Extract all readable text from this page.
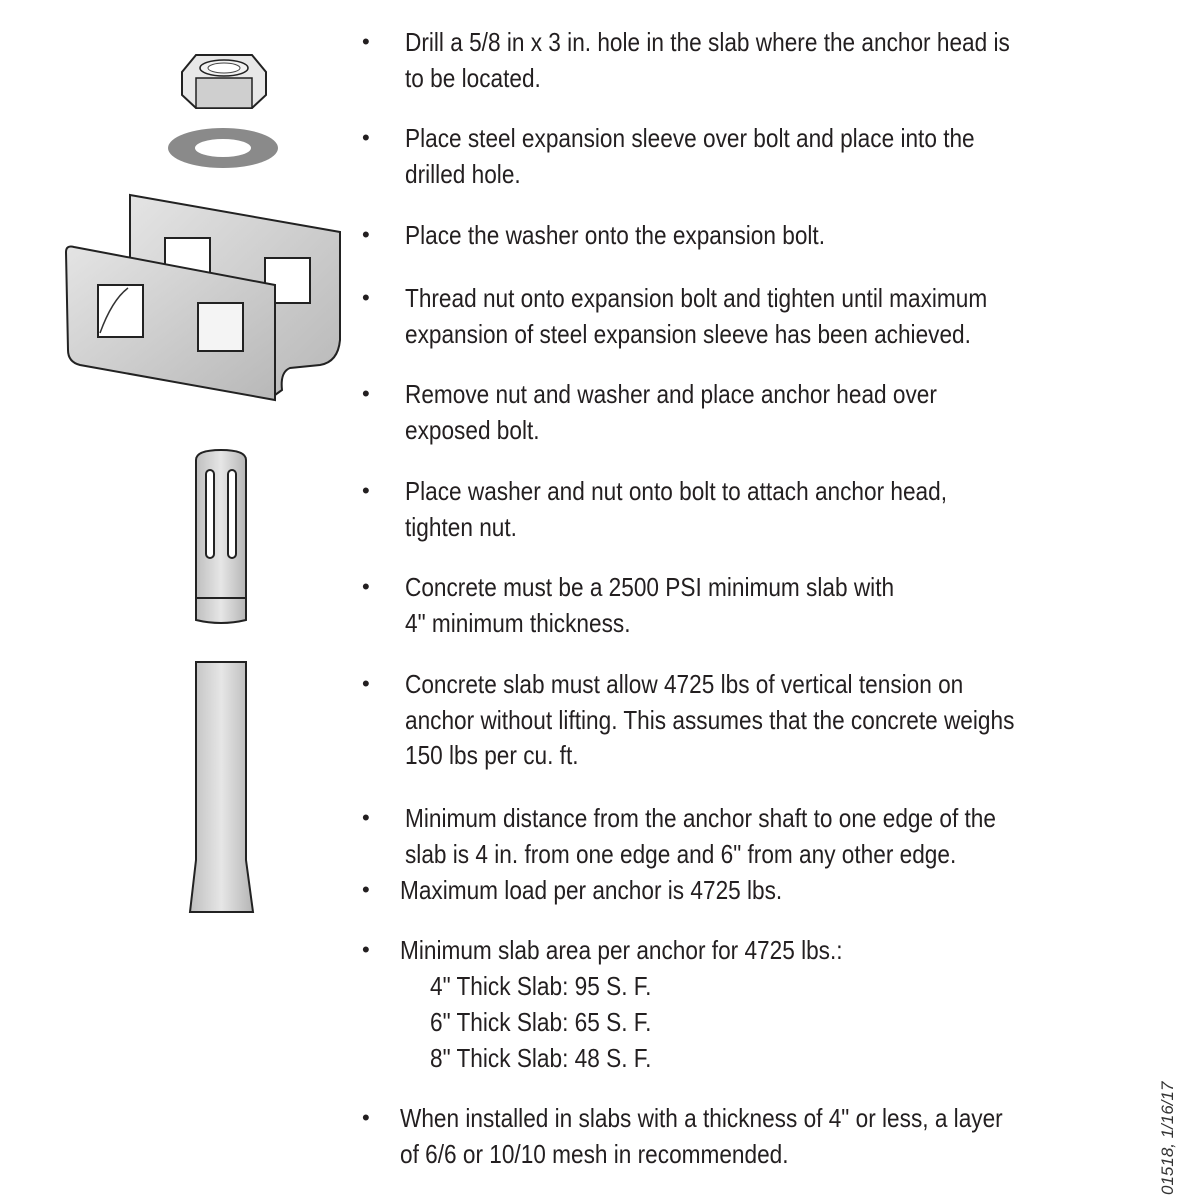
• Drill a 5/8 in x 3 in. hole in the slab where the anchor head is
to be located.
• Place steel expansion sleeve over bolt and place into the
drilled hole.
• Place the washer onto the expansion bolt.
• Thread nut onto expansion bolt and tighten until maximum
expansion of steel expansion sleeve has been achieved.
• Remove nut and washer and place anchor head over
exposed bolt.
• Place washer and nut onto bolt to attach anchor head,
tighten nut.
• Concrete must be a 2500 PSI minimum slab with
4" minimum thickness.
• Concrete slab must allow 4725 lbs of vertical tension on
anchor without lifting. This assumes that the concrete weighs
150 lbs per cu. ft.
• Minimum distance from the anchor shaft to one edge of the
slab is 4 in. from one edge and 6" from any other edge.
• Maximum load per anchor is 4725 lbs.
• Minimum slab area per anchor for 4725 lbs.:
4" Thick Slab: 95 S. F.
6" Thick Slab: 65 S. F.
8" Thick Slab: 48 S. F.
• When installed in slabs with a thickness of 4" or less, a layer
of 6/6 or 10/10 mesh in recommended.	01518, 1/16/17
